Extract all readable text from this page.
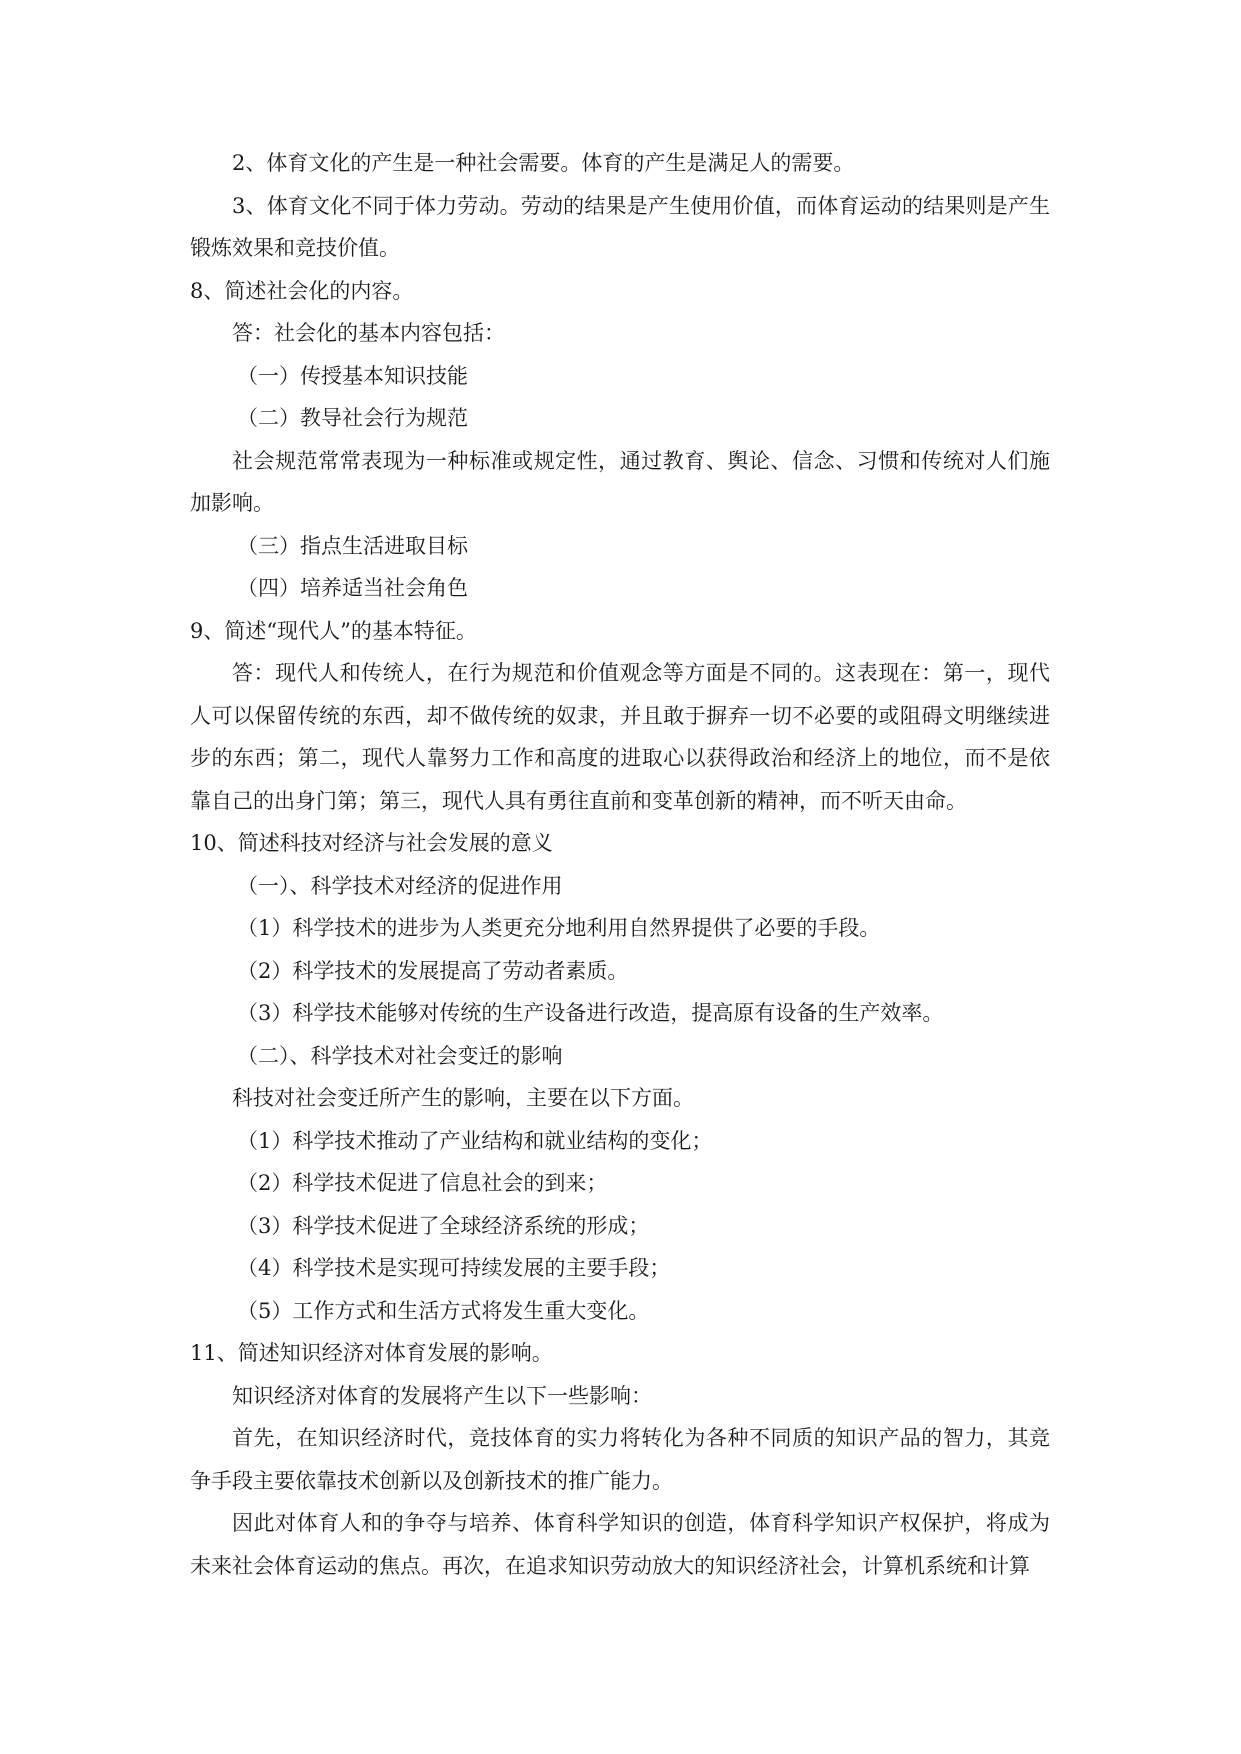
2、体育文化的产生是一种社会需要。体育的产生是满足人的需要。

3、体育文化不同于体力劳动。劳动的结果是产生使用价值，而体育运动的结果则是产生锻炼效果和竞技价值。

8、简述社会化的内容。

答：社会化的基本内容包括：

（一）传授基本知识技能

（二）教导社会行为规范

社会规范常常表现为一种标准或规定性，通过教育、舆论、信念、习惯和传统对人们施加影响。

（三）指点生活进取目标

（四）培养适当社会角色

9、简述“现代人”的基本特征。

答：现代人和传统人，在行为规范和价值观念等方面是不同的。这表现在：第一，现代人可以保留传统的东西，却不做传统的奴隶，并且敢于摒弃一切不必要的或阻碍文明继续进步的东西；第二，现代人靠努力工作和高度的进取心以获得政治和经济上的地位，而不是依靠自己的出身门第；第三，现代人具有勇往直前和变革创新的精神，而不听天由命。

10、简述科技对经济与社会发展的意义

（一）、科学技术对经济的促进作用

（1）科学技术的进步为人类更充分地利用自然界提供了必要的手段。

（2）科学技术的发展提高了劳动者素质。

（3）科学技术能够对传统的生产设备进行改造，提高原有设备的生产效率。

（二）、科学技术对社会变迁的影响

科技对社会变迁所产生的影响，主要在以下方面。

（1）科学技术推动了产业结构和就业结构的变化；

（2）科学技术促进了信息社会的到来；

（3）科学技术促进了全球经济系统的形成；

（4）科学技术是实现可持续发展的主要手段；

（5）工作方式和生活方式将发生重大变化。

11、简述知识经济对体育发展的影响。

知识经济对体育的发展将产生以下一些影响：

首先，在知识经济时代，竞技体育的实力将转化为各种不同质的知识产品的智力，其竞争手段主要依靠技术创新以及创新技术的推广能力。

因此对体育人和的争夺与培养、体育科学知识的创造，体育科学知识产权保护，将成为未来社会体育运动的焦点。再次，在追求知识劳动放大的知识经济社会，计算机系统和计算
